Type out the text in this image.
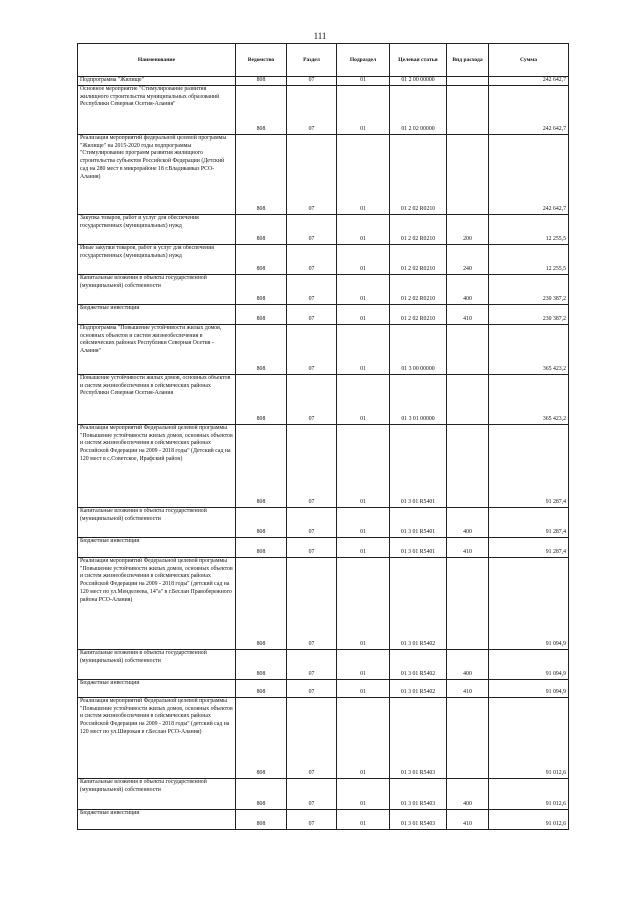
111
Наименование	Ведомство	Раздел	Подраздел	Целевая статья	Вид расхода	Сумма
Подпрограмма "Жилище"	808	07	01	01 2 00 00000		242 642,7
Основное мероприятие "Стимулирование развития жилищного строительства муниципальных образований Республики Северная Осетия-Алания"	808	07	01	01 2 02 00000		242 642,7
Реализация мероприятий федеральной целевой программы "Жилище" на 2015-2020 годы подпрограммы "Стимулирование программ развития жилищного строительства субъектов Российской Федерации (Детский сад на 280 мест в микрорайоне 18 г.Владикавказ РСО-Алания)	808	07	01	01 2 02 R0210		242 642,7
Закупка товаров, работ и услуг для обеспечения государственных (муниципальных) нужд	808	07	01	01 2 02 R0210	200	12 255,5
Иные закупки товаров, работ и услуг для обеспечения государственных (муниципальных) нужд	808	07	01	01 2 02 R0210	240	12 255,5
Капитальные вложения в объекты государственной (муниципальной) собственности	808	07	01	01 2 02 R0210	400	230 387,2
Бюджетные инвестиции	808	07	01	01 2 02 R0210	410	230 387,2
Подпрограмма "Повышение устойчивости жилых домов, основных объектов и систем жизнеобеспечения в сейсмических районах Республики Северная Осетия - Алания"	808	07	01	01 3 00 00000		365 423,2
Повышение устойчивости жилых домов, основных объектов и систем жизнеобеспечения в сейсмических районах Республики Северная Осетия-Алания	808	07	01	01 3 01 00000		365 423,2
Реализация мероприятий Федеральной целевой программы "Повышение устойчивости жилых домов, основных объектов и систем жизнеобеспечения в сейсмических районах Российской Федерации на 2009 - 2018 годы" (Детский сад на 120 мест в с.Советское, Ирафский район)	808	07	01	01 3 01 R5401		91 287,4
Капитальные вложения в объекты государственной (муниципальной) собственности	808	07	01	01 3 01 R5401	400	91 287,4
Бюджетные инвестиции	808	07	01	01 3 01 R5401	410	91 287,4
Реализация мероприятий Федеральной целевой программы "Повышение устойчивости жилых домов, основных объектов и систем жизнеобеспечения в сейсмических районах Российской Федерации на 2009 - 2018 годы" (детский сад на 120 мест по ул.Менделеева, 14"а" в г.Беслан Правобережного района РСО-Алания)	808	07	01	01 3 01 R5402		91 094,9
Капитальные вложения в объекты государственной (муниципальной) собственности	808	07	01	01 3 01 R5402	400	91 094,9
Бюджетные инвестиции	808	07	01	01 3 01 R5402	410	91 094,9
Реализация мероприятий Федеральной целевой программы "Повышение устойчивости жилых домов, основных объектов и систем жизнеобеспечения в сейсмических районах Российской Федерации на 2009 - 2018 годы" (детский сад на 120 мест по ул.Широкая в г.Беслан РСО-Алания)	808	07	01	01 3 01 R5403		91 012,6
Капитальные вложения в объекты государственной (муниципальной) собственности	808	07	01	01 3 01 R5403	400	91 012,6
Бюджетные инвестиции	808	07	01	01 3 01 R5403	410	91 012,6
